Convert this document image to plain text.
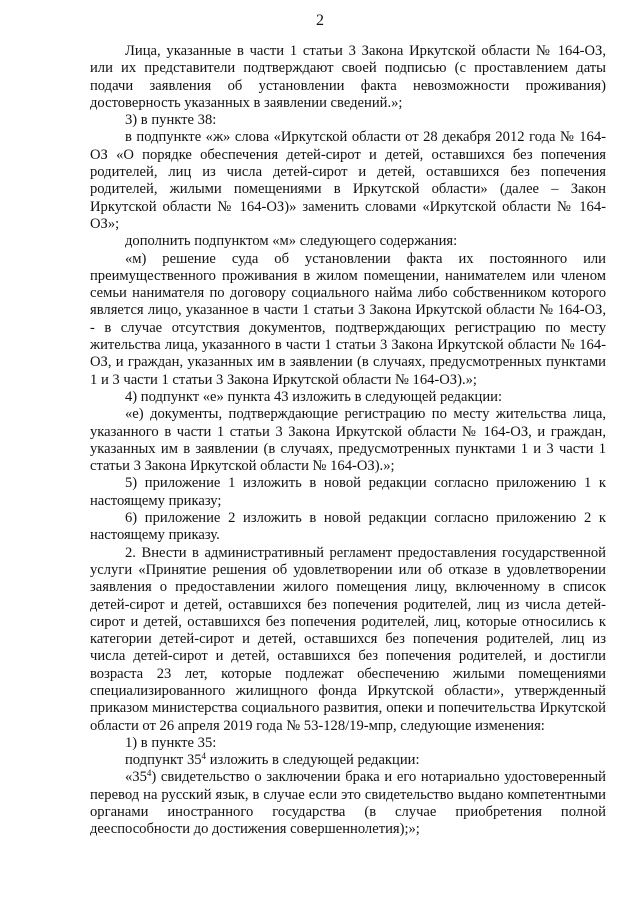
2

Лица, указанные в части 1 статьи 3 Закона Иркутской области № 164-ОЗ, или их представители подтверждают своей подписью (с проставлением даты подачи заявления об установлении факта невозможности проживания) достоверность указанных в заявлении сведений.»;

3) в пункте 38:

в подпункте «ж» слова «Иркутской области от 28 декабря 2012 года № 164-ОЗ «О порядке обеспечения детей-сирот и детей, оставшихся без попечения родителей, лиц из числа детей-сирот и детей, оставшихся без попечения родителей, жилыми помещениями в Иркутской области» (далее – Закон Иркутской области № 164-ОЗ)» заменить словами «Иркутской области № 164-ОЗ»;

дополнить подпунктом «м» следующего содержания:

«м) решение суда об установлении факта их постоянного или преимущественного проживания в жилом помещении, нанимателем или членом семьи нанимателя по договору социального найма либо собственником которого является лицо, указанное в части 1 статьи 3 Закона Иркутской области № 164-ОЗ, - в случае отсутствия документов, подтверждающих регистрацию по месту жительства лица, указанного в части 1 статьи 3 Закона Иркутской области № 164-ОЗ, и граждан, указанных им в заявлении (в случаях, предусмотренных пунктами 1 и 3 части 1 статьи 3 Закона Иркутской области № 164-ОЗ).»;

4) подпункт «е» пункта 43 изложить в следующей редакции:

«е) документы, подтверждающие регистрацию по месту жительства лица, указанного в части 1 статьи 3 Закона Иркутской области № 164-ОЗ, и граждан, указанных им в заявлении (в случаях, предусмотренных пунктами 1 и 3 части 1 статьи 3 Закона Иркутской области № 164-ОЗ).»;

5) приложение 1 изложить в новой редакции согласно приложению 1 к настоящему приказу;

6) приложение 2 изложить в новой редакции согласно приложению 2 к настоящему приказу.

2. Внести в административный регламент предоставления государственной услуги «Принятие решения об удовлетворении или об отказе в удовлетворении заявления о предоставлении жилого помещения лицу, включенному в список детей-сирот и детей, оставшихся без попечения родителей, лиц из числа детей-сирот и детей, оставшихся без попечения родителей, лиц, которые относились к категории детей-сирот и детей, оставшихся без попечения родителей, лиц из числа детей-сирот и детей, оставшихся без попечения родителей, и достигли возраста 23 лет, которые подлежат обеспечению жилыми помещениями специализированного жилищного фонда Иркутской области», утвержденный приказом министерства социального развития, опеки и попечительства Иркутской области от 26 апреля 2019 года № 53-128/19-мпр, следующие изменения:

1) в пункте 35:

подпункт $35^4$ изложить в следующей редакции:

«$35^4$) свидетельство о заключении брака и его нотариально удостоверенный перевод на русский язык, в случае если это свидетельство выдано компетентными органами иностранного государства (в случае приобретения полной дееспособности до достижения совершеннолетия);»;
